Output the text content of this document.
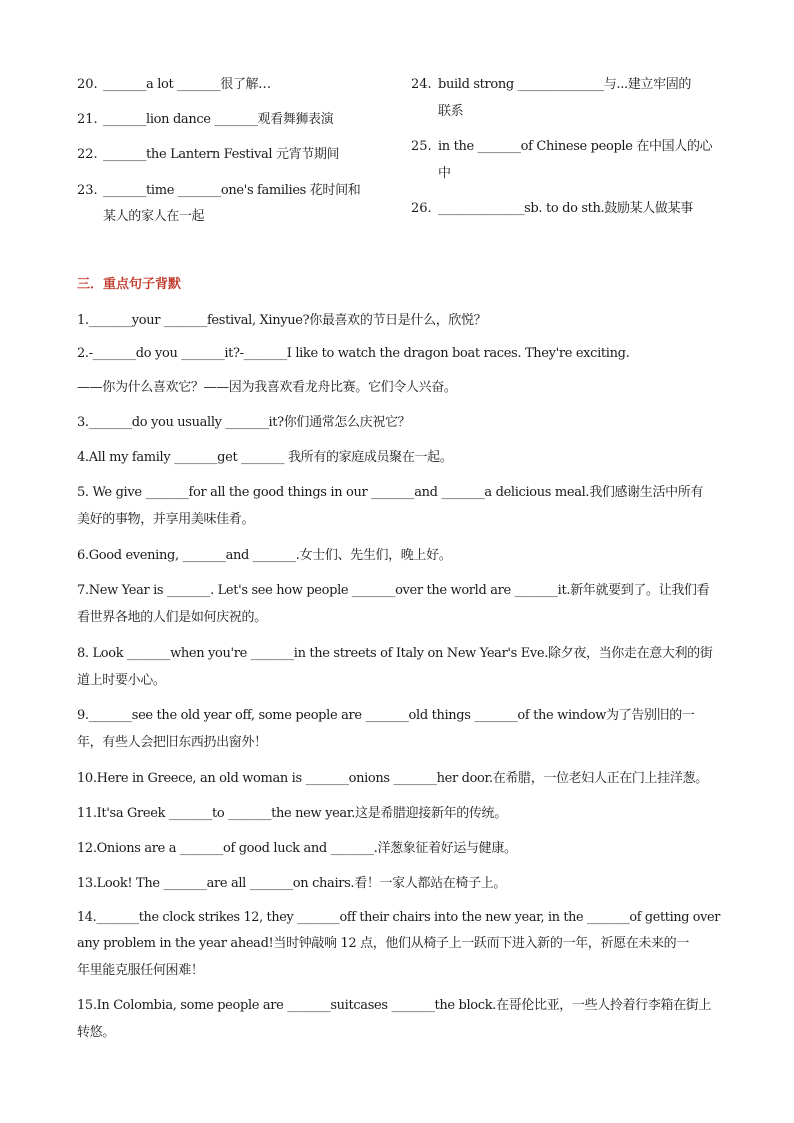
20. _______a lot _______很了解…
21. _______lion dance _______观看舞狮表演
22. _______the Lantern Festival 元宵节期间
23. _______time _______one's families 花时间和
某人的家人在一起
24. build strong ______________与...建立牢固的
联系
25. in the _______of Chinese people 在中国人的心
中
26. ______________sb. to do sth.鼓励某人做某事
三．重点句子背默
1._______your _______festival, Xinyue?你最喜欢的节日是什么，欣悦？
2.-_______do you _______it?-_______I like to watch the dragon boat races. They're exciting.
——你为什么喜欢它？——因为我喜欢看龙舟比赛。它们令人兴奋。
3._______do you usually _______it?你们通常怎么庆祝它？
4.All my family _______get _______ 我所有的家庭成员聚在一起。
5. We give _______for all the good things in our _______and _______a delicious meal.我们感谢生活中所有
美好的事物，并享用美味佳肴。
6.Good evening, _______and _______.女士们、先生们，晚上好。
7.New Year is _______. Let's see how people _______over the world are _______it.新年就要到了。让我们看
看世界各地的人们是如何庆祝的。
8. Look _______when you're _______in the streets of Italy on New Year's Eve.除夕夜，当你走在意大利的街
道上时要小心。
9._______see the old year off, some people are _______old things _______of the window为了告别旧的一
年，有些人会把旧东西扔出窗外！
10.Here in Greece, an old woman is _______onions _______her door.在希腊，一位老妇人正在门上挂洋葱。
11.It'sa Greek _______to _______the new year.这是希腊迎接新年的传统。
12.Onions are a _______of good luck and _______.洋葱象征着好运与健康。
13.Look! The _______are all _______on chairs.看！一家人都站在椅子上。
14._______the clock strikes 12, they _______off their chairs into the new year, in the _______of getting over
any problem in the year ahead!当时钟敲响 12 点，他们从椅子上一跃而下进入新的一年，祈愿在未来的一
年里能克服任何困难！
15.In Colombia, some people are _______suitcases _______the block.在哥伦比亚，一些人拎着行李箱在街上
转悠。
